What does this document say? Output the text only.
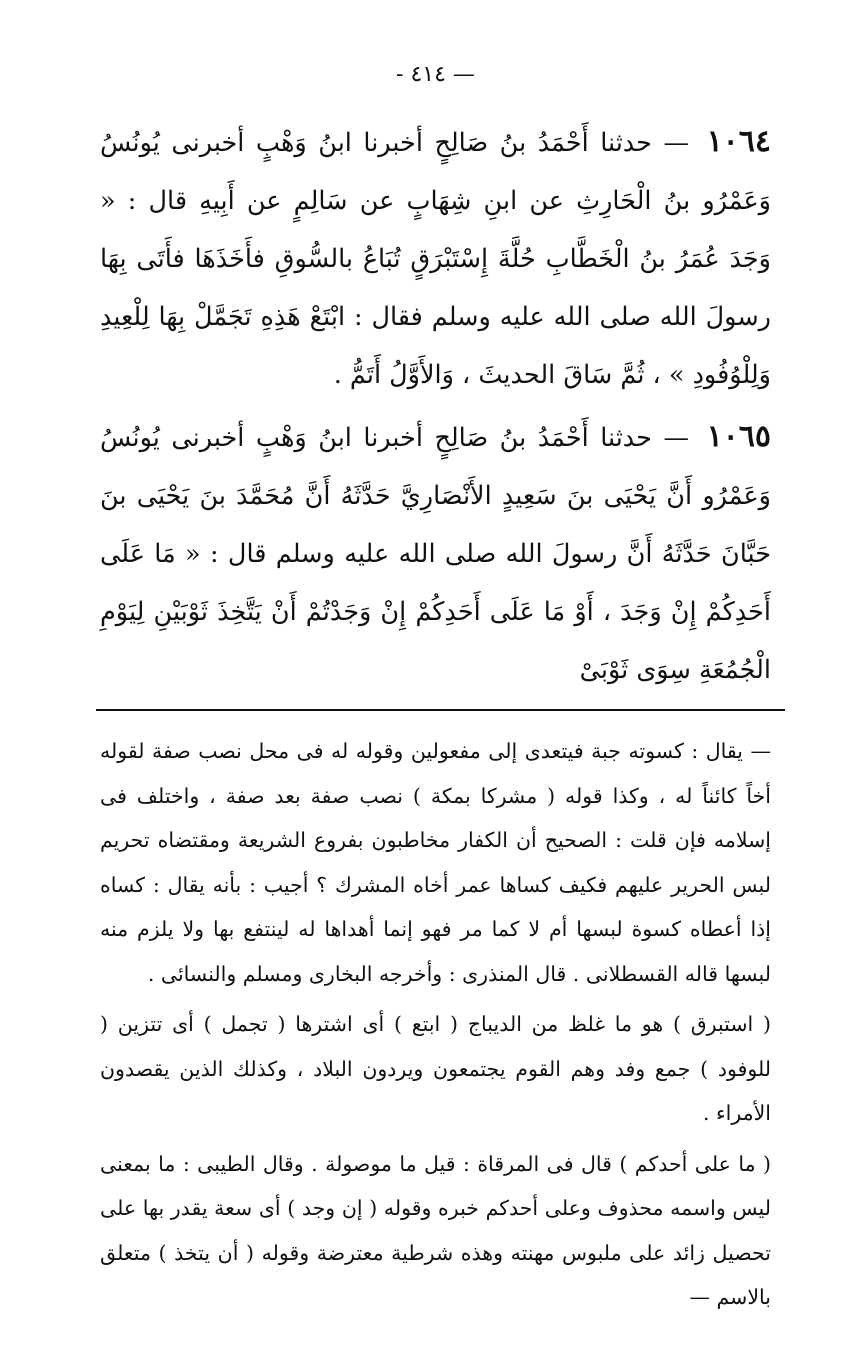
— ٤١٤ -

١٠٦٤ — حدثنا أَحْمَدُ بنُ صَالِحٍ أخبرنا ابنُ وَهْبٍ أخبرنى يُونُسُ وَعَمْرُو بنُ الْحَارِثِ عن ابنِ شِهَابٍ عن سَالِمٍ عن أَبِيهِ قال : « وَجَدَ عُمَرُ بنُ الْخَطَّابِ حُلَّةَ إِسْتَبْرَقٍ تُبَاعُ بالسُّوقِ فأَخَذَهَا فأَتَى بِهَا رسولَ الله صلى الله عليه وسلم فقال : ابْتَعْ هَذِهِ تَجَمَّلْ بِهَا لِلْعِيدِ وَلِلْوُفُودِ » ، ثُمَّ سَاقَ الحديثَ ، وَالأَوَّلُ أَتَمُّ .

١٠٦٥ — حدثنا أَحْمَدُ بنُ صَالِحٍ أخبرنا ابنُ وَهْبٍ أخبرنى يُونُسُ وَعَمْرُو أَنَّ يَحْيَى بنَ سَعِيدٍ الأَنْصَارِيَّ حَدَّثَهُ أَنَّ مُحَمَّدَ بنَ يَحْيَى بنَ حَبَّانَ حَدَّثَهُ أَنَّ رسولَ الله صلى الله عليه وسلم قال : « مَا عَلَى أَحَدِكُمْ إِنْ وَجَدَ ، أَوْ مَا عَلَى أَحَدِكُمْ إِنْ وَجَدْتُمْ أَنْ يَتَّخِذَ ثَوْبَيْنِ لِيَوْمِ الْجُمُعَةِ سِوَى ثَوْبَىْ

— يقال : كسوته جبة فيتعدى إلى مفعولين وقوله له فى محل نصب صفة لقوله أخاً كائناً له ، وكذا قوله ( مشركا بمكة ) نصب صفة بعد صفة ، واختلف فى إسلامه فإن قلت : الصحيح أن الكفار مخاطبون بفروع الشريعة ومقتضاه تحريم لبس الحرير عليهم فكيف كساها عمر أخاه المشرك ؟ أجيب : بأنه يقال : كساه إذا أعطاه كسوة لبسها أم لا كما مر فهو إنما أهداها له لينتفع بها ولا يلزم منه لبسها قاله القسطلانى . قال المنذرى : وأخرجه البخارى ومسلم والنسائى .

( استبرق ) هو ما غلظ من الديباج ( ابتع ) أى اشترها ( تجمل ) أى تتزين ( للوفود ) جمع وفد وهم القوم يجتمعون ويردون البلاد ، وكذلك الذين يقصدون الأمراء .

( ما على أحدكم ) قال فى المرقاة : قيل ما موصولة . وقال الطيبى : ما بمعنى ليس واسمه محذوف وعلى أحدكم خبره وقوله ( إن وجد ) أى سعة يقدر بها على تحصيل زائد على ملبوس مهنته وهذه شرطية معترضة وقوله ( أن يتخذ ) متعلق بالاسم —
